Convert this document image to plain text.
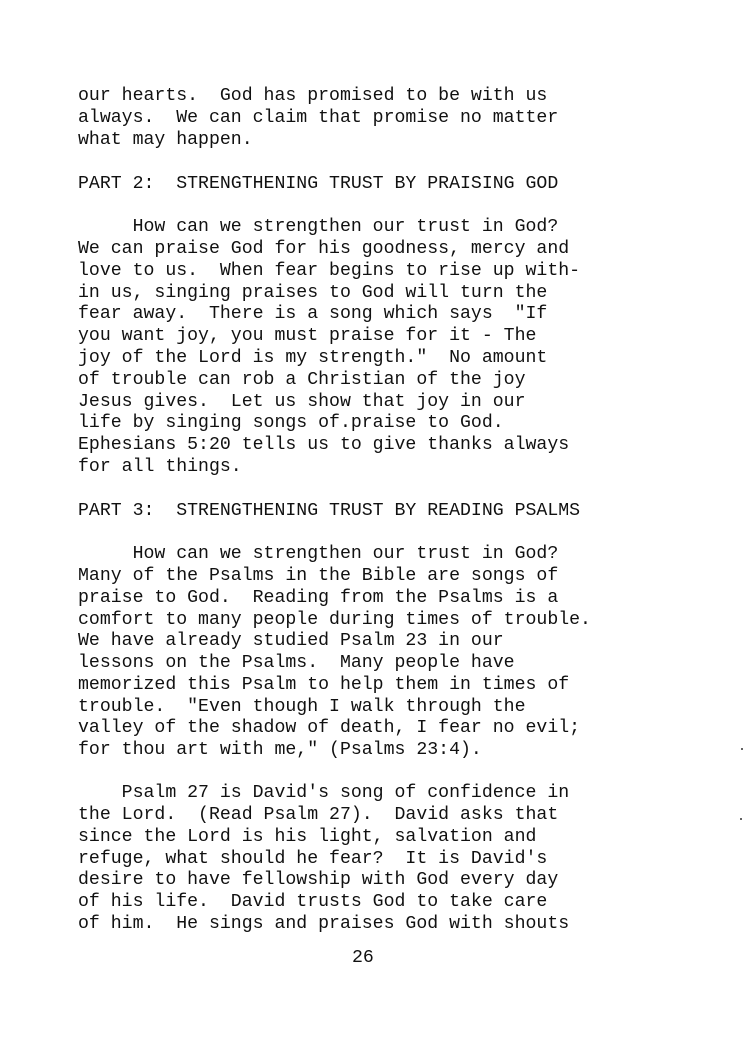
our hearts.  God has promised to be with us
always.  We can claim that promise no matter
what may happen.
PART 2:  STRENGTHENING TRUST BY PRAISING GOD
How can we strengthen our trust in God?
We can praise God for his goodness, mercy and
love to us.  When fear begins to rise up with-
in us, singing praises to God will turn the
fear away.  There is a song which says  "If
you want joy, you must praise for it - The
joy of the Lord is my strength."  No amount
of trouble can rob a Christian of the joy
Jesus gives.  Let us show that joy in our
life by singing songs of.praise to God.
Ephesians 5:20 tells us to give thanks always
for all things.
PART 3:  STRENGTHENING TRUST BY READING PSALMS
How can we strengthen our trust in God?
Many of the Psalms in the Bible are songs of
praise to God.  Reading from the Psalms is a
comfort to many people during times of trouble.
We have already studied Psalm 23 in our
lessons on the Psalms.  Many people have
memorized this Psalm to help them in times of
trouble.  "Even though I walk through the
valley of the shadow of death, I fear no evil;
for thou art with me," (Psalms 23:4).
Psalm 27 is David's song of confidence in
the Lord.  (Read Psalm 27).  David asks that
since the Lord is his light, salvation and
refuge, what should he fear?  It is David's
desire to have fellowship with God every day
of his life.  David trusts God to take care
of him.  He sings and praises God with shouts
26
